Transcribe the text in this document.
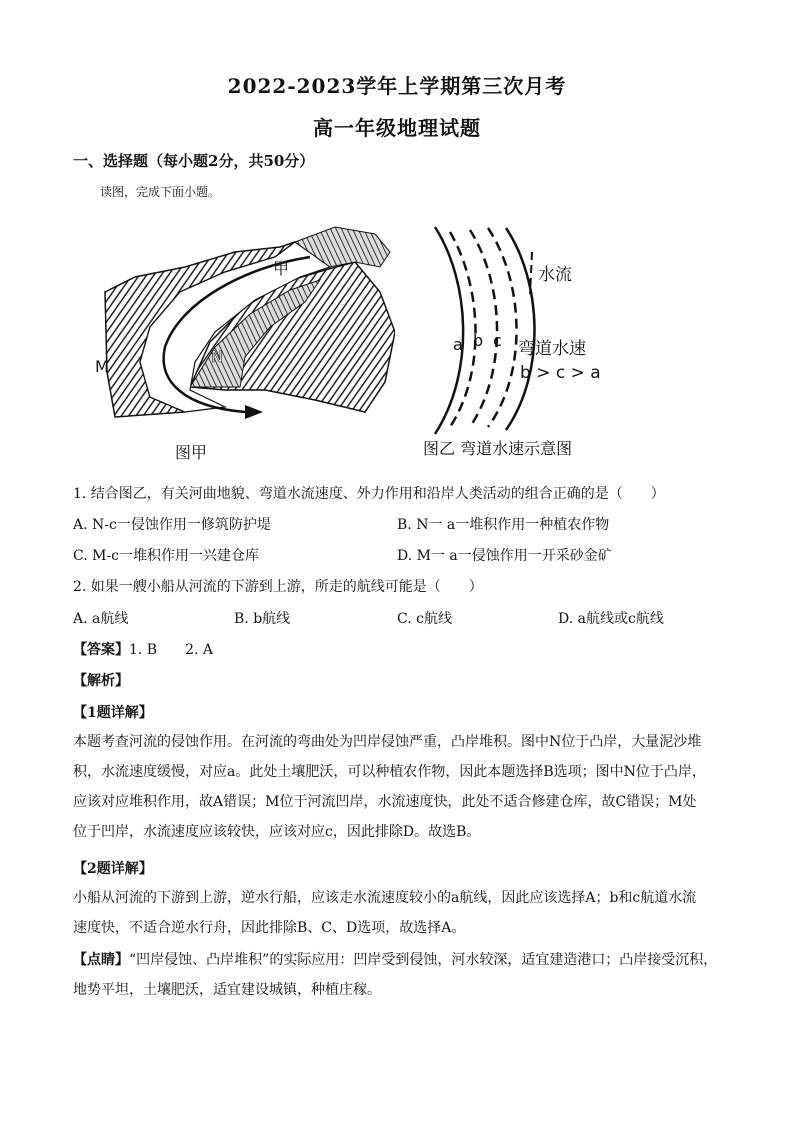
2022-2023学年上学期第三次月考
高一年级地理试题
一、选择题（每小题2分，共50分）
读图，完成下面小题。
甲
M
N
图甲
a b c
水流
弯道水速
b > c > a
图乙 弯道水速示意图
1. 结合图乙，有关河曲地貌、弯道水流速度、外力作用和沿岸人类活动的组合正确的是（　　）
A. N-c一侵蚀作用一修筑防护堤	B. N一 a一堆积作用一种植农作物
C. M-c一堆积作用一兴建仓库	D. M一 a一侵蚀作用一开采砂金矿
2. 如果一艘小船从河流的下游到上游，所走的航线可能是（　　）
A. a航线	B. b航线	C. c航线	D. a航线或c航线
【答案】1. B　　2. A
【解析】
【1题详解】
本题考查河流的侵蚀作用。在河流的弯曲处为凹岸侵蚀严重，凸岸堆积。图中N位于凸岸，大量泥沙堆
积，水流速度缓慢，对应a。此处土壤肥沃，可以种植农作物，因此本题选择B选项；图中N位于凸岸，
应该对应堆积作用，故A错误；M位于河流凹岸，水流速度快，此处不适合修建仓库，故C错误；M处
位于凹岸，水流速度应该较快，应该对应c，因此排除D。故选B。
【2题详解】
小船从河流的下游到上游，逆水行船，应该走水流速度较小的a航线，因此应该选择A；b和c航道水流
速度快，不适合逆水行舟，因此排除B、C、D选项，故选择A。
【点睛】“凹岸侵蚀、凸岸堆积”的实际应用：凹岸受到侵蚀，河水较深，适宜建造港口；凸岸接受沉积，
地势平坦，土壤肥沃，适宜建设城镇，种植庄稼。
